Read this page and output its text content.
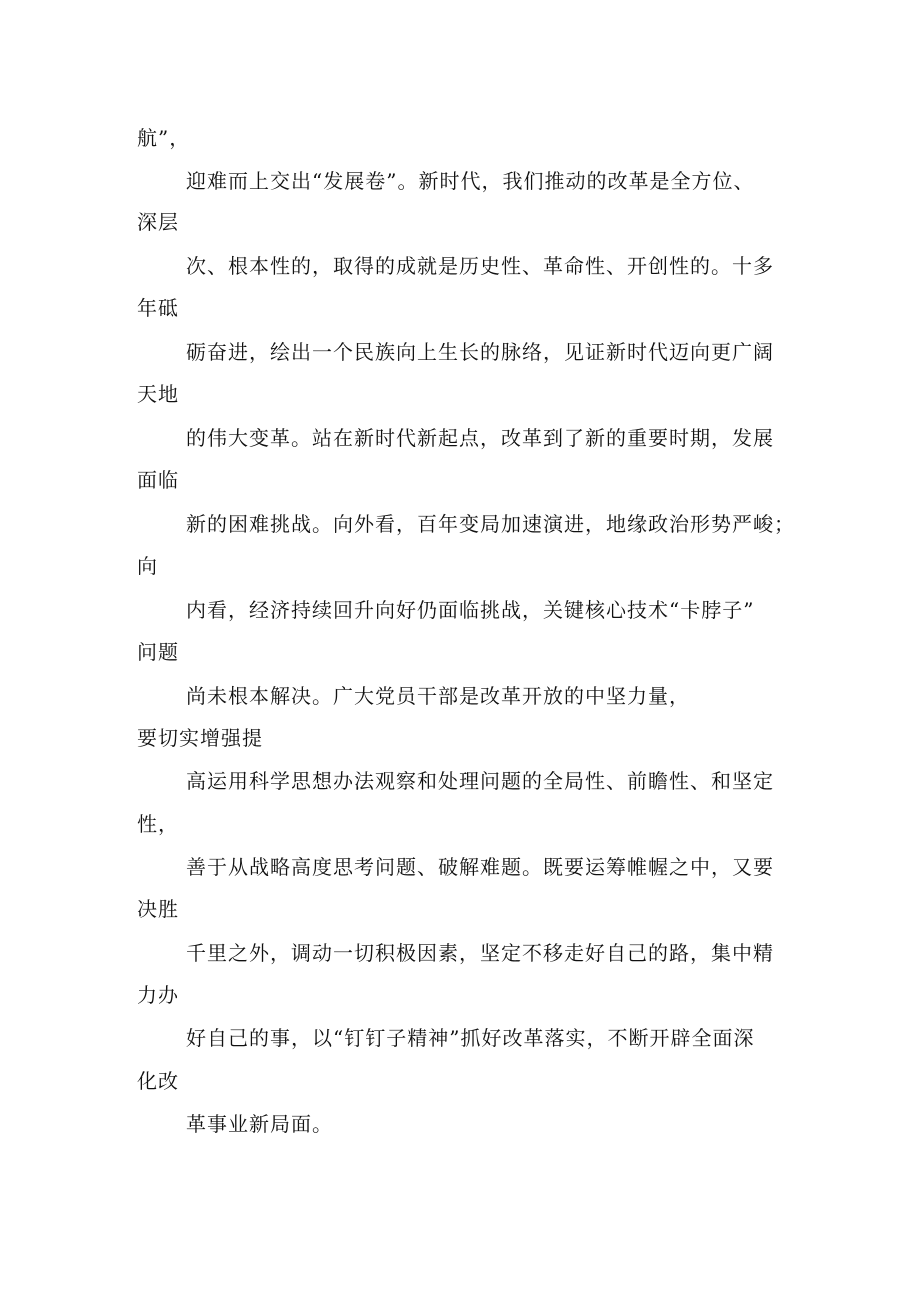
航”，
迎难而上交出“发展卷”。新时代，我们推动的改革是全方位、
深层
次、根本性的，取得的成就是历史性、革命性、开创性的。十多
年砥
砺奋进，绘出一个民族向上生长的脉络，见证新时代迈向更广阔
天地
的伟大变革。站在新时代新起点，改革到了新的重要时期，发展
面临
新的困难挑战。向外看，百年变局加速演进，地缘政治形势严峻；
向
内看，经济持续回升向好仍面临挑战，关键核心技术“卡脖子”
问题
尚未根本解决。广大党员干部是改革开放的中坚力量，
要切实增强提
高运用科学思想办法观察和处理问题的全局性、前瞻性、和坚定
性，
善于从战略高度思考问题、破解难题。既要运筹帷幄之中，又要
决胜
千里之外，调动一切积极因素，坚定不移走好自己的路，集中精
力办
好自己的事，以“钉钉子精神”抓好改革落实，不断开辟全面深
化改
革事业新局面。
